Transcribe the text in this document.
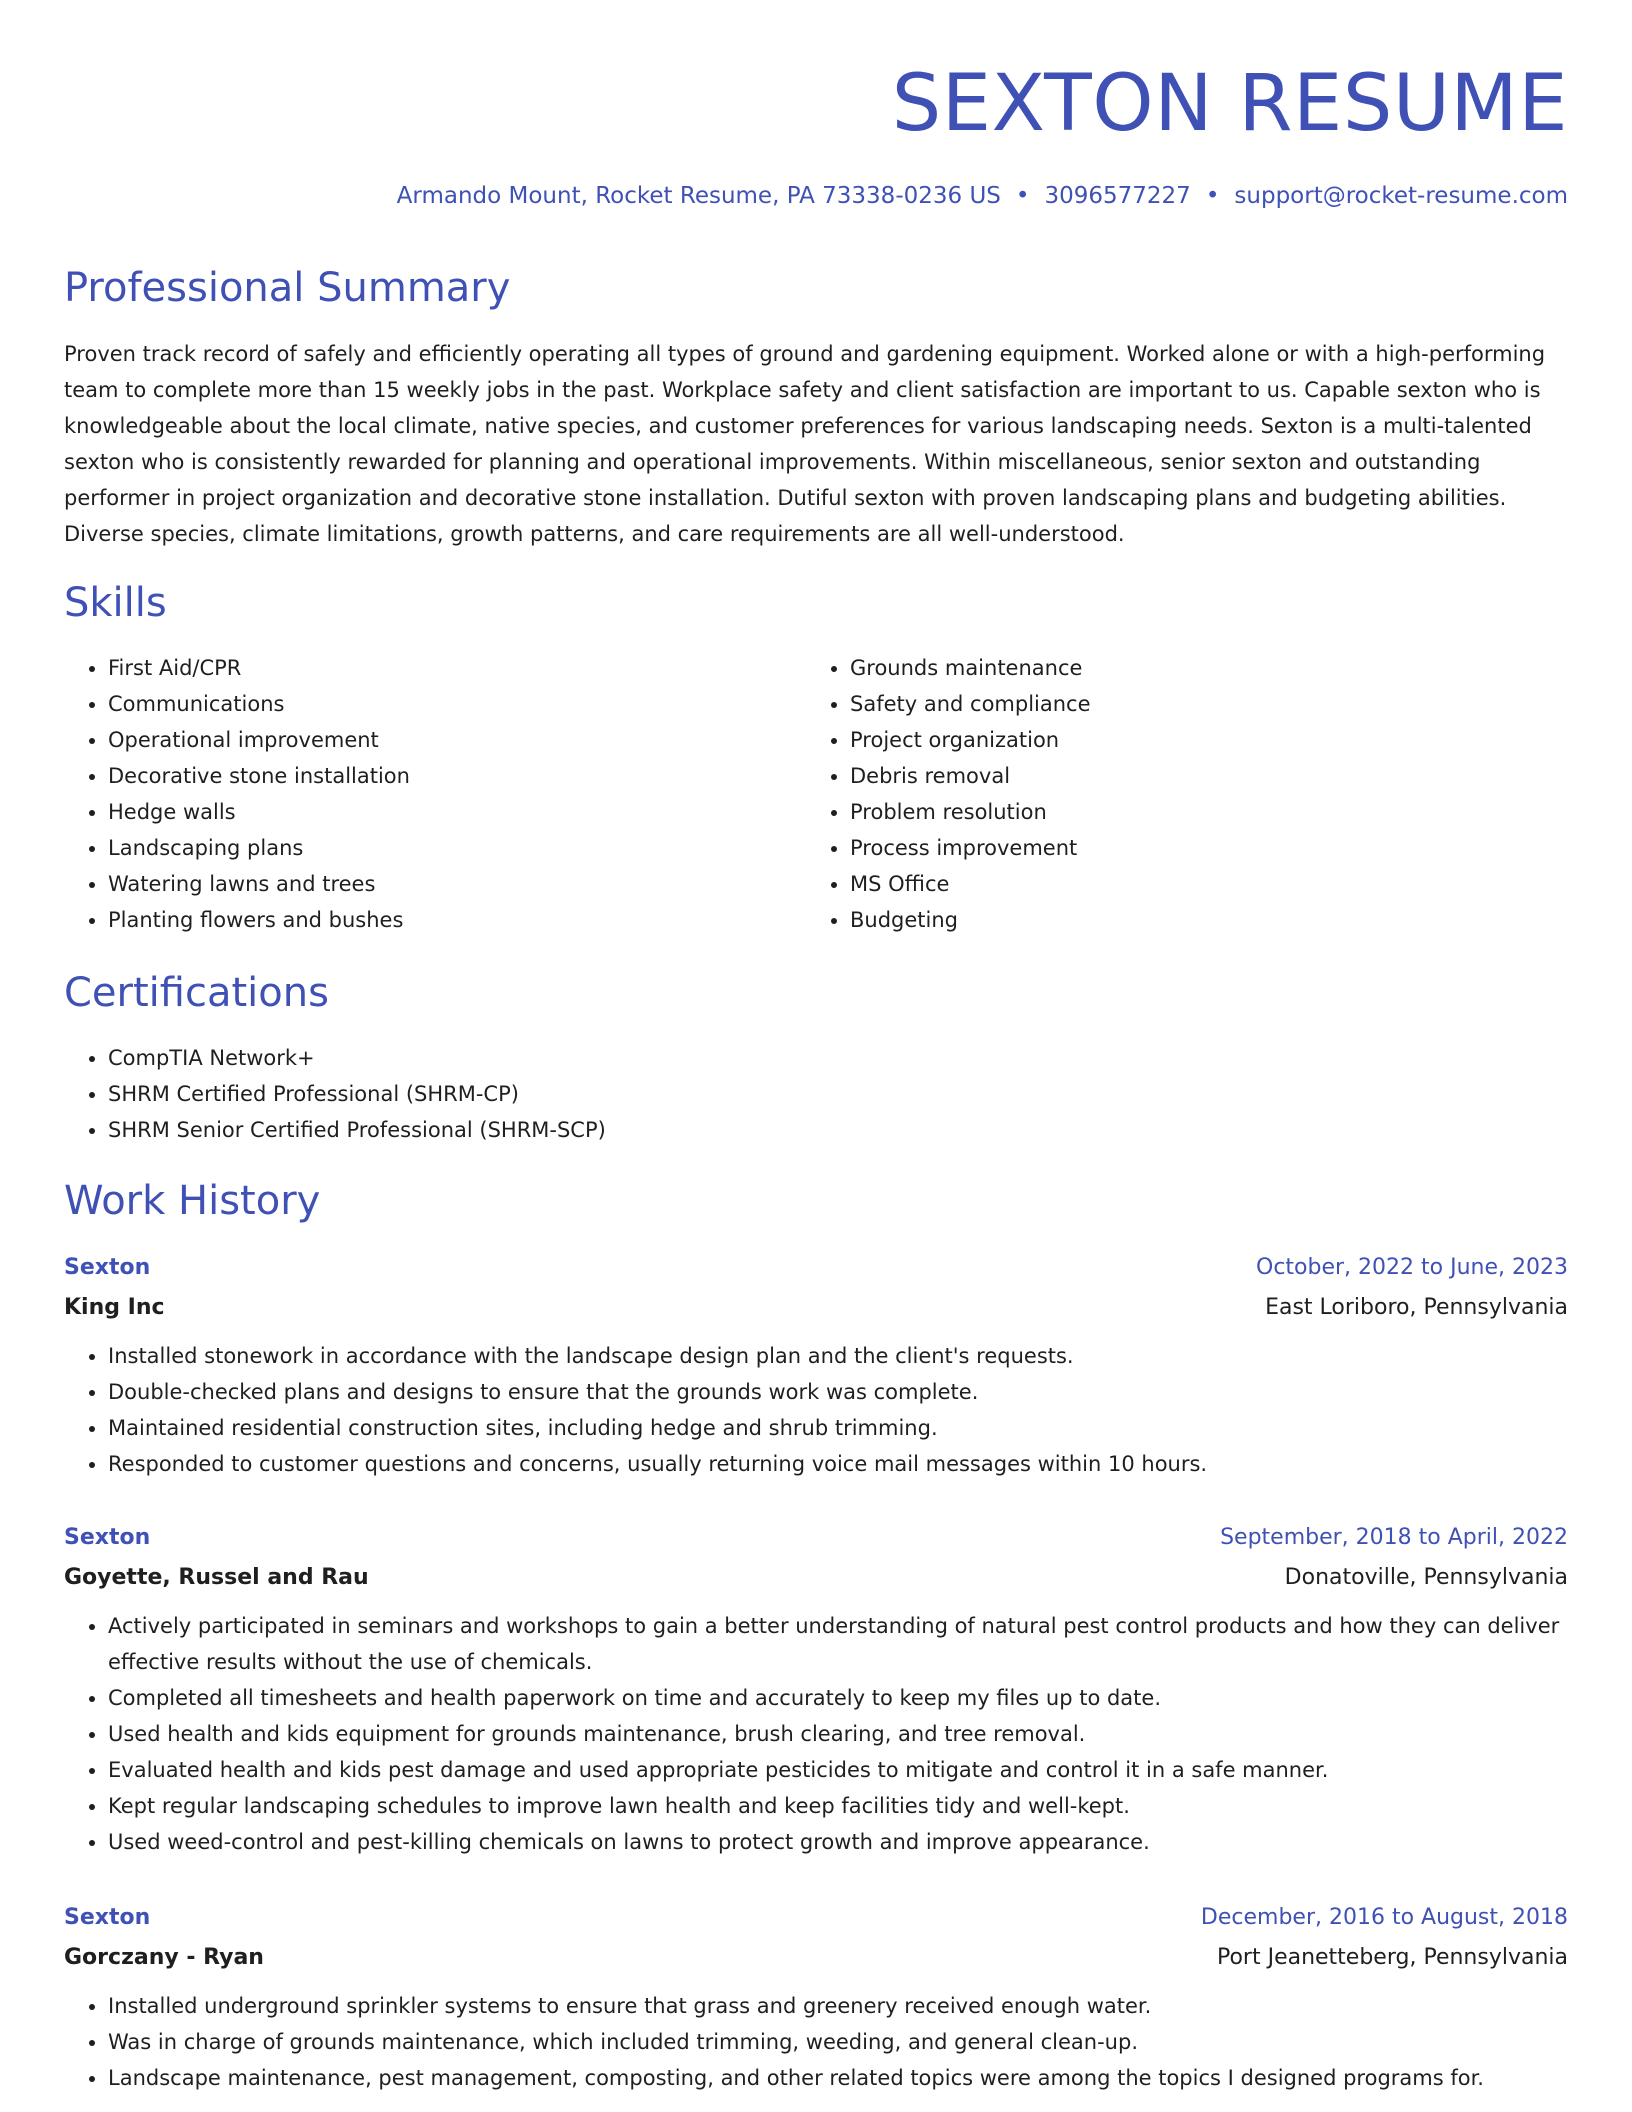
SEXTON RESUME
Armando Mount, Rocket Resume, PA 73338-0236 US • 3096577227 • support@rocket-resume.com
Professional Summary

Proven track record of safely and efficiently operating all types of ground and gardening equipment. Worked alone or with a high-performing team to complete more than 15 weekly jobs in the past. Workplace safety and client satisfaction are important to us. Capable sexton who is knowledgeable about the local climate, native species, and customer preferences for various landscaping needs. Sexton is a multi-talented sexton who is consistently rewarded for planning and operational improvements. Within miscellaneous, senior sexton and outstanding performer in project organization and decorative stone installation. Dutiful sexton with proven landscaping plans and budgeting abilities. Diverse species, climate limitations, growth patterns, and care requirements are all well-understood.

Skills
• First Aid/CPR
• Communications
• Operational improvement
• Decorative stone installation
• Hedge walls
• Landscaping plans
• Watering lawns and trees
• Planting flowers and bushes
• Grounds maintenance
• Safety and compliance
• Project organization
• Debris removal
• Problem resolution
• Process improvement
• MS Office
• Budgeting
Certifications
• CompTIA Network+
• SHRM Certified Professional (SHRM-CP)
• SHRM Senior Certified Professional (SHRM-SCP)
Work History
Sexton	October, 2022 to June, 2023
King Inc	East Loriboro, Pennsylvania
• Installed stonework in accordance with the landscape design plan and the client's requests.
• Double-checked plans and designs to ensure that the grounds work was complete.
• Maintained residential construction sites, including hedge and shrub trimming.
• Responded to customer questions and concerns, usually returning voice mail messages within 10 hours.
Sexton	September, 2018 to April, 2022
Goyette, Russel and Rau	Donatoville, Pennsylvania
• Actively participated in seminars and workshops to gain a better understanding of natural pest control products and how they can deliver effective results without the use of chemicals.
• Completed all timesheets and health paperwork on time and accurately to keep my files up to date.
• Used health and kids equipment for grounds maintenance, brush clearing, and tree removal.
• Evaluated health and kids pest damage and used appropriate pesticides to mitigate and control it in a safe manner.
• Kept regular landscaping schedules to improve lawn health and keep facilities tidy and well-kept.
• Used weed-control and pest-killing chemicals on lawns to protect growth and improve appearance.
Sexton	December, 2016 to August, 2018
Gorczany - Ryan	Port Jeanetteberg, Pennsylvania
• Installed underground sprinkler systems to ensure that grass and greenery received enough water.
• Was in charge of grounds maintenance, which included trimming, weeding, and general clean-up.
• Landscape maintenance, pest management, composting, and other related topics were among the topics I designed programs for.
